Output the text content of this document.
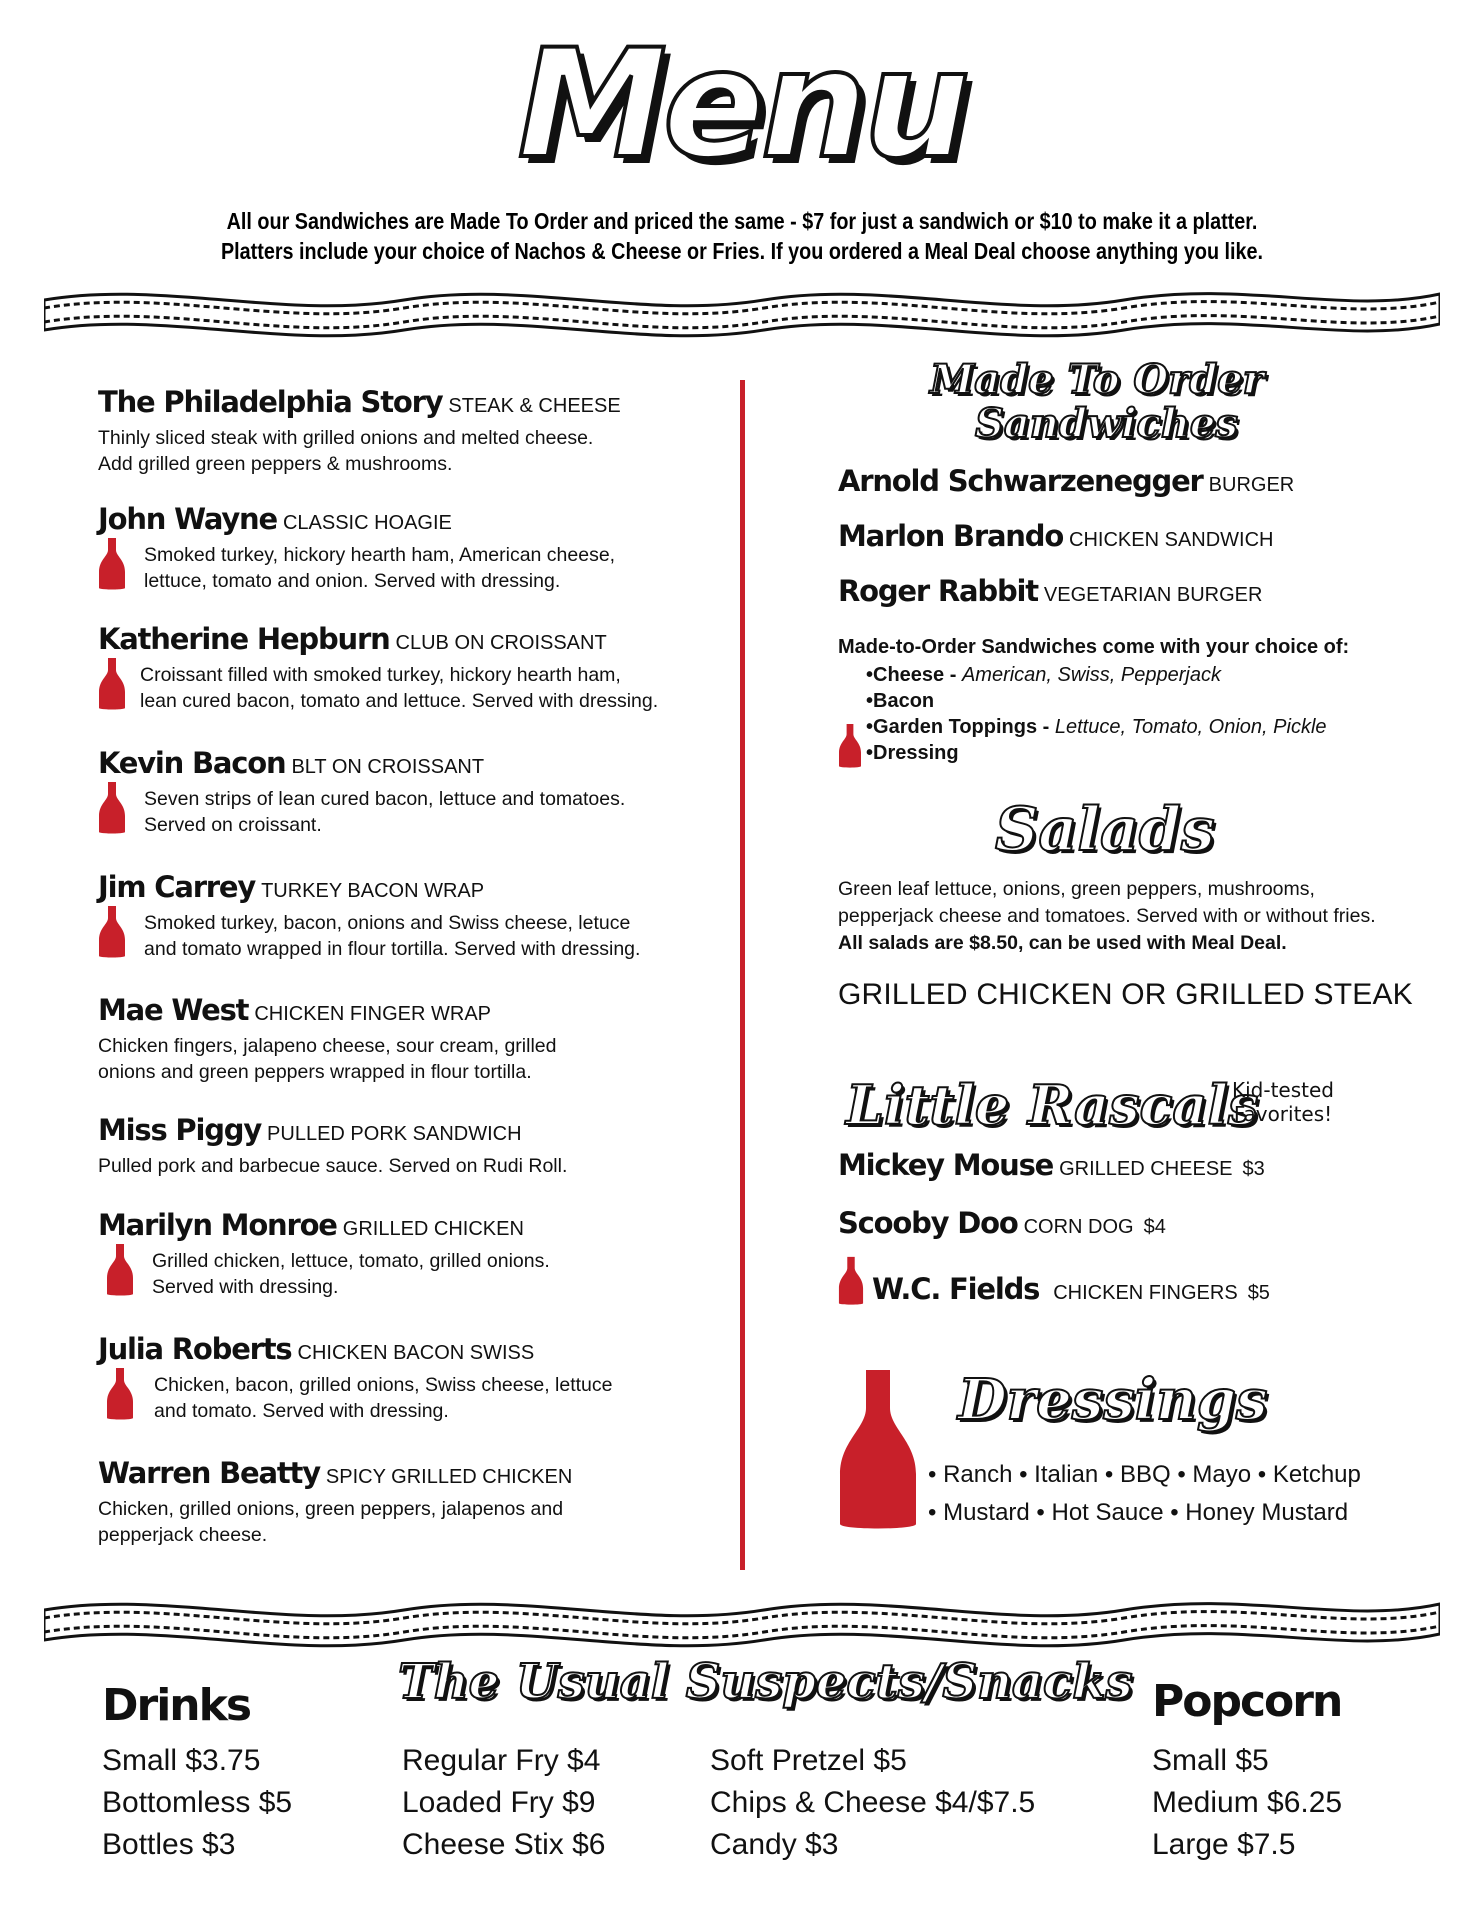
Menu
All our Sandwiches are Made To Order and priced the same - $7 for just a sandwich or $10 to make it a platter.
Platters include your choice of Nachos & Cheese or Fries. If you ordered a Meal Deal choose anything you like.
The Philadelphia Story STEAK & CHEESE
Thinly sliced steak with grilled onions and melted cheese.
Add grilled green peppers & mushrooms.
John Wayne CLASSIC HOAGIE
Smoked turkey, hickory hearth ham, American cheese,
lettuce, tomato and onion. Served with dressing.
Katherine Hepburn CLUB ON CROISSANT
Croissant filled with smoked turkey, hickory hearth ham,
lean cured bacon, tomato and lettuce. Served with dressing.
Kevin Bacon BLT ON CROISSANT
Seven strips of lean cured bacon, lettuce and tomatoes.
Served on croissant.
Jim Carrey TURKEY BACON WRAP
Smoked turkey, bacon, onions and Swiss cheese, letuce
and tomato wrapped in flour tortilla. Served with dressing.
Mae West CHICKEN FINGER WRAP
Chicken fingers, jalapeno cheese, sour cream, grilled
onions and green peppers wrapped in flour tortilla.
Miss Piggy PULLED PORK SANDWICH
Pulled pork and barbecue sauce. Served on Rudi Roll.
Marilyn Monroe GRILLED CHICKEN
Grilled chicken, lettuce, tomato, grilled onions.
Served with dressing.
Julia Roberts CHICKEN BACON SWISS
Chicken, bacon, grilled onions, Swiss cheese, lettuce
and tomato. Served with dressing.
Warren Beatty SPICY GRILLED CHICKEN
Chicken, grilled onions, green peppers, jalapenos and
pepperjack cheese.
Made To Order
Sandwiches
Arnold Schwarzenegger BURGER
Marlon Brando CHICKEN SANDWICH
Roger Rabbit VEGETARIAN BURGER
Made-to-Order Sandwiches come with your choice of:
• Cheese - American, Swiss, Pepperjack
• Bacon
• Garden Toppings - Lettuce, Tomato, Onion, Pickle
• Dressing
Salads
Green leaf lettuce, onions, green peppers, mushrooms, pepperjack cheese and tomatoes. Served with or without fries.
All salads are $8.50, can be used with Meal Deal.
GRILLED CHICKEN OR GRILLED STEAK
Little Rascals
Kid-tested
Favorites!
Mickey Mouse GRILLED CHEESE $3
Scooby Doo CORN DOG $4
W.C. Fields CHICKEN FINGERS $5
Dressings
• Ranch • Italian • BBQ • Mayo • Ketchup
• Mustard • Hot Sauce • Honey Mustard
The Usual Suspects/Snacks
Drinks
Small $3.75
Bottomless $5
Bottles $3
Regular Fry $4
Loaded Fry $9
Cheese Stix $6
Soft Pretzel $5
Chips & Cheese $4/$7.5
Candy $3
Popcorn
Small $5
Medium $6.25
Large $7.5
